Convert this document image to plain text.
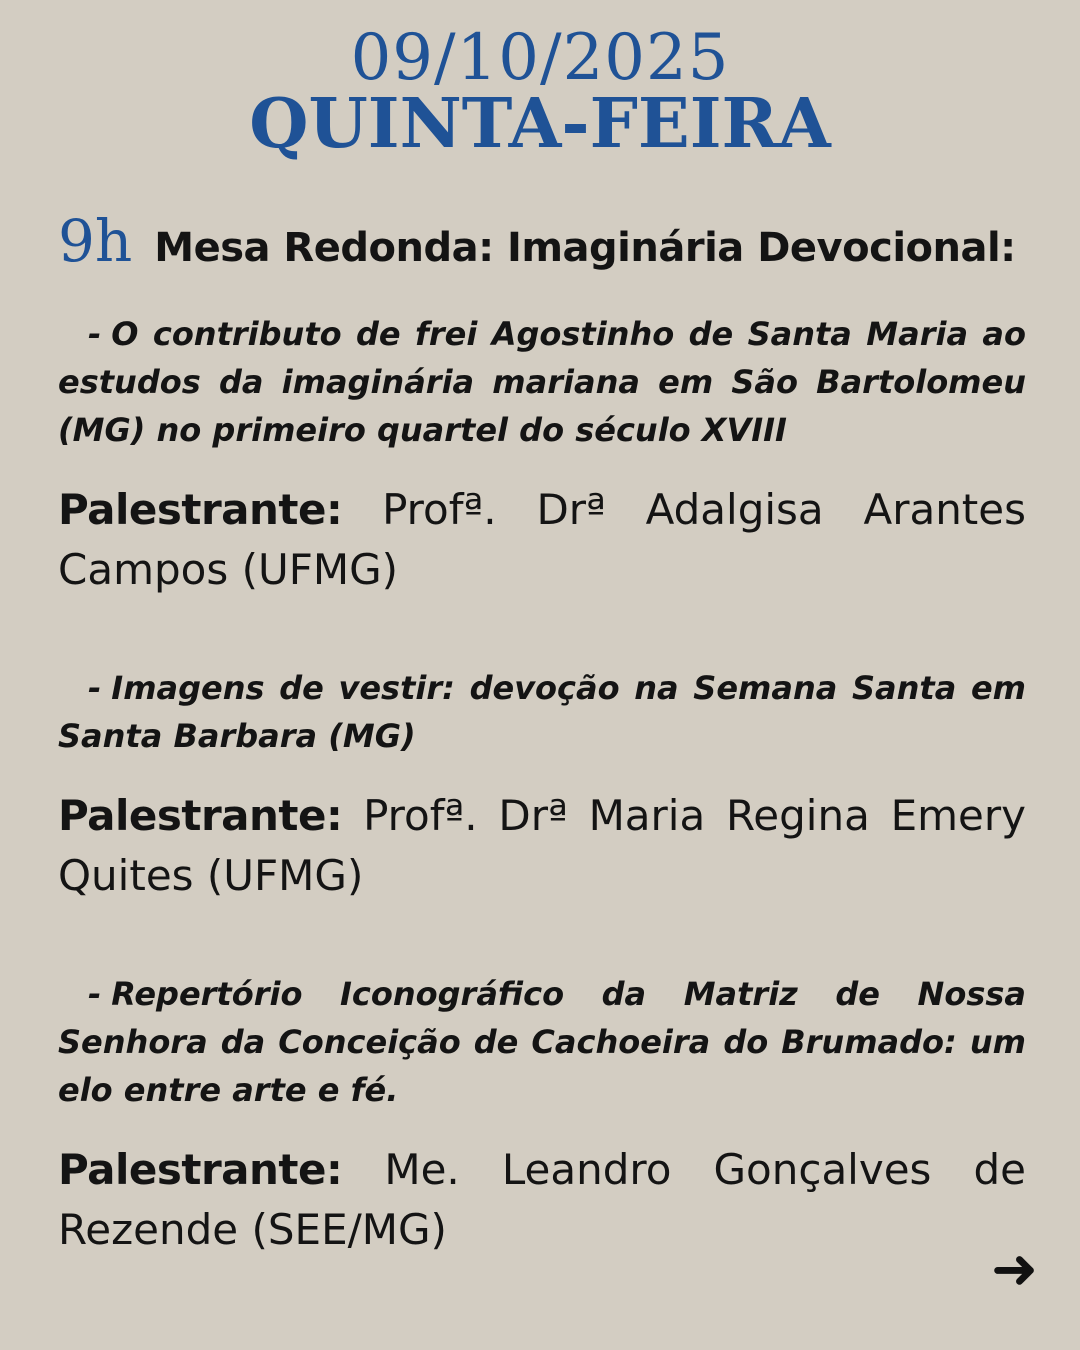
09/10/2025
QUINTA-FEIRA
9h Mesa Redonda: Imaginária Devocional:

- O contributo de frei Agostinho de Santa Maria ao estudos da imaginária mariana em São Bartolomeu (MG) no primeiro quartel do século XVIII

Palestrante: Profª. Drª Adalgisa Arantes Campos (UFMG)

- Imagens de vestir: devoção na Semana Santa em Santa Barbara (MG)

Palestrante: Profª. Drª Maria Regina Emery Quites (UFMG)

- Repertório Iconográfico da Matriz de Nossa Senhora da Conceição de Cachoeira do Brumado: um elo entre arte e fé.

Palestrante: Me. Leandro Gonçalves de Rezende (SEE/MG)

➜
